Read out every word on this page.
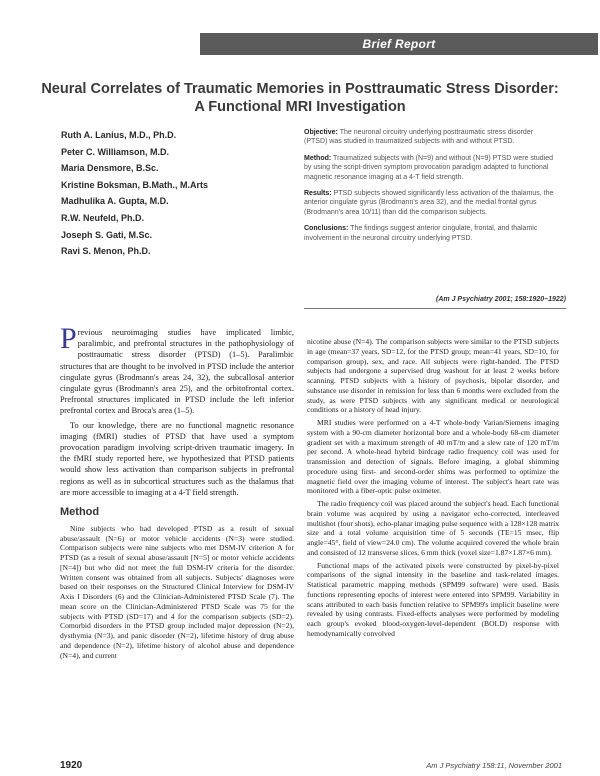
Brief Report
Neural Correlates of Traumatic Memories in Posttraumatic Stress Disorder: A Functional MRI Investigation
Ruth A. Lanius, M.D., Ph.D.
Peter C. Williamson, M.D.
Maria Densmore, B.Sc.
Kristine Boksman, B.Math., M.Arts
Madhulika A. Gupta, M.D.
R.W. Neufeld, Ph.D.
Joseph S. Gati, M.Sc.
Ravi S. Menon, Ph.D.

Objective: The neuronal circuitry underlying posttraumatic stress disorder (PTSD) was studied in traumatized subjects with and without PTSD.

Method: Traumatized subjects with (N=9) and without (N=9) PTSD were studied by using the script-driven symptom provocation paradigm adapted to functional magnetic resonance imaging at a 4-T field strength.

Results: PTSD subjects showed significantly less activation of the thalamus, the anterior cingulate gyrus (Brodmann's area 32), and the medial frontal gyrus (Brodmann's area 10/11) than did the comparison subjects.

Conclusions: The findings suggest anterior cingulate, frontal, and thalamic involvement in the neuronal circuitry underlying PTSD.

(Am J Psychiatry 2001; 158:1920–1922)

Previous neuroimaging studies have implicated limbic, paralimbic, and prefrontal structures in the pathophysiology of posttraumatic stress disorder (PTSD) (1–5). Paralimbic structures that are thought to be involved in PTSD include the anterior cingulate gyrus (Brodmann's areas 24, 32), the subcallosal anterior cingulate gyrus (Brodmann's area 25), and the orbitofrontal cortex. Prefrontal structures implicated in PTSD include the left inferior prefrontal cortex and Broca's area (1–5).

To our knowledge, there are no functional magnetic resonance imaging (fMRI) studies of PTSD that have used a symptom provocation paradigm involving script-driven traumatic imagery. In the fMRI study reported here, we hypothesized that PTSD patients would show less activation than comparison subjects in prefrontal regions as well as in subcortical structures such as the thalamus that are more accessible to imaging at a 4-T field strength.

Method

Nine subjects who had developed PTSD as a result of sexual abuse/assault (N=6) or motor vehicle accidents (N=3) were studied. Comparison subjects were nine subjects who met DSM-IV criterion A for PTSD (as a result of sexual abuse/assault [N=5] or motor vehicle accidents [N=4]) but who did not meet the full DSM-IV criteria for the disorder. Written consent was obtained from all subjects. Subjects' diagnoses were based on their responses on the Structured Clinical Interview for DSM-IV Axis I Disorders (6) and the Clinician-Administered PTSD Scale (7). The mean score on the Clinician-Administered PTSD Scale was 75 for the subjects with PTSD (SD=17) and 4 for the comparison subjects (SD=2). Comorbid disorders in the PTSD group included major depression (N=2), dysthymia (N=3), and panic disorder (N=2), lifetime history of drug abuse and dependence (N=2), lifetime history of alcohol abuse and dependence (N=4), and current

nicotine abuse (N=4). The comparison subjects were similar to the PTSD subjects in age (mean=37 years, SD=12, for the PTSD group; mean=41 years, SD=10, for comparison group), sex, and race. All subjects were right-handed. The PTSD subjects had undergone a supervised drug washout for at least 2 weeks before scanning. PTSD subjects with a history of psychosis, bipolar disorder, and substance use disorder in remission for less than 6 months were excluded from the study, as were PTSD subjects with any significant medical or neurological conditions or a history of head injury.

MRI studies were performed on a 4-T whole-body Varian/Siemens imaging system with a 90-cm diameter horizontal bore and a whole-body 68-cm diameter gradient set with a maximum strength of 40 mT/m and a slew rate of 120 mT/m per second. A whole-head hybrid birdcage radio frequency coil was used for transmission and detection of signals. Before imaging, a global shimming procedure using first- and second-order shims was performed to optimize the magnetic field over the imaging volume of interest. The subject's heart rate was monitored with a fiber-optic pulse oximeter.

The radio frequency coil was placed around the subject's head. Each functional brain volume was acquired by using a navigator echo-corrected, interleaved multishot (four shots), echo-planar imaging pulse sequence with a 128×128 matrix size and a total volume acquisition time of 5 seconds (TE=15 msec, flip angle=45°, field of view=24.0 cm). The volume acquired covered the whole brain and consisted of 12 transverse slices, 6 mm thick (voxel size=1.87×1.87×6 mm).

Functional maps of the activated pixels were constructed by pixel-by-pixel comparisons of the signal intensity in the baseline and task-related images. Statistical parametric mapping methods (SPM99 software) were used. Basis functions representing epochs of interest were entered into SPM99. Variability in scans attributed to each basis function relative to SPM99's implicit baseline were revealed by using contrasts. Fixed-effects analyses were performed by modeling each group's evoked blood-oxygen-level-dependent (BOLD) response with hemodynamically convolved

1920	Am J Psychiatry 158:11, November 2001
